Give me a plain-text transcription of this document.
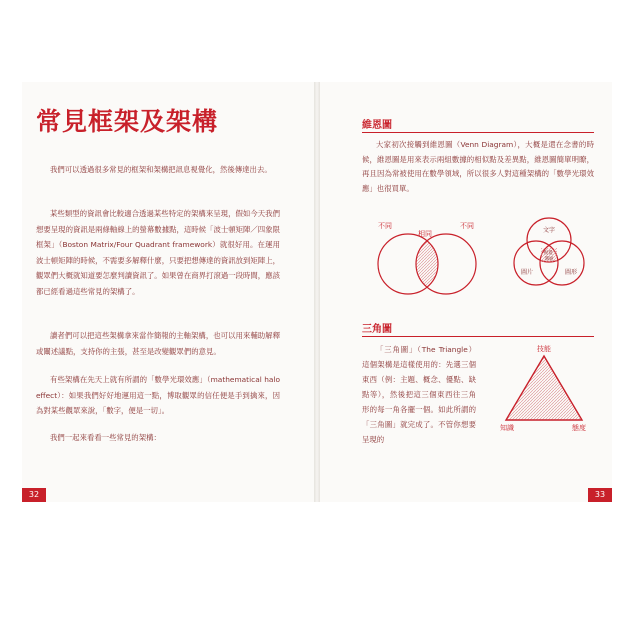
常見框架及架構
我們可以透過很多常見的框架和架構把訊息視覺化，然後傳達出去。
某些類型的資訊會比較適合透過某些特定的架構來呈現，假如今天我們想要呈現的資訊是兩條軸線上的螢幕數據點，這時候「波士頓矩陣／四象限框架」（Boston Matrix/Four Quadrant framework）就很好用。在運用波士頓矩陣的時候，不需要多解釋什麼，只要把想傳達的資訊放到矩陣上，觀眾們大概就知道要怎麼判讀資訊了。如果曾在商界打滾過一段時間，應該都已經看過這些常見的架構了。
讀者們可以把這些架構拿來當作簡報的主軸架構，也可以用來輔助解釋或闡述議點，支持你的主張，甚至是改變觀眾們的意見。
有些架構在先天上就有所謂的「數學光環效應」（mathematical halo effect）：如果我們好好地運用這一點，博取觀眾的信任便是手到擒來，因為對某些觀眾來說，「數字，便是一切」。
我們一起來看看一些常見的架構：
32
維恩圖
大家初次接觸到維恩圖（Venn Diagram），大概是還在念書的時候，維恩圖是用來表示兩組數據的相似點及差異點，維恩圖簡單明瞭，再且因為常被使用在數學領域，所以很多人對這種架構的「數學光環效應」也很買單。
不同
相同
不同
文字
圖片	圖形
視覺 溝通
三角圖
「三角圖」（The Triangle）這個架構是這樣使用的：先選三個東西（例：主題、概念、優點、缺點等），然後把這三個東西往三角形的每一角各擺一個。如此所謂的「三角圖」就完成了。不管你想要呈現的
技能
知識	態度
33
